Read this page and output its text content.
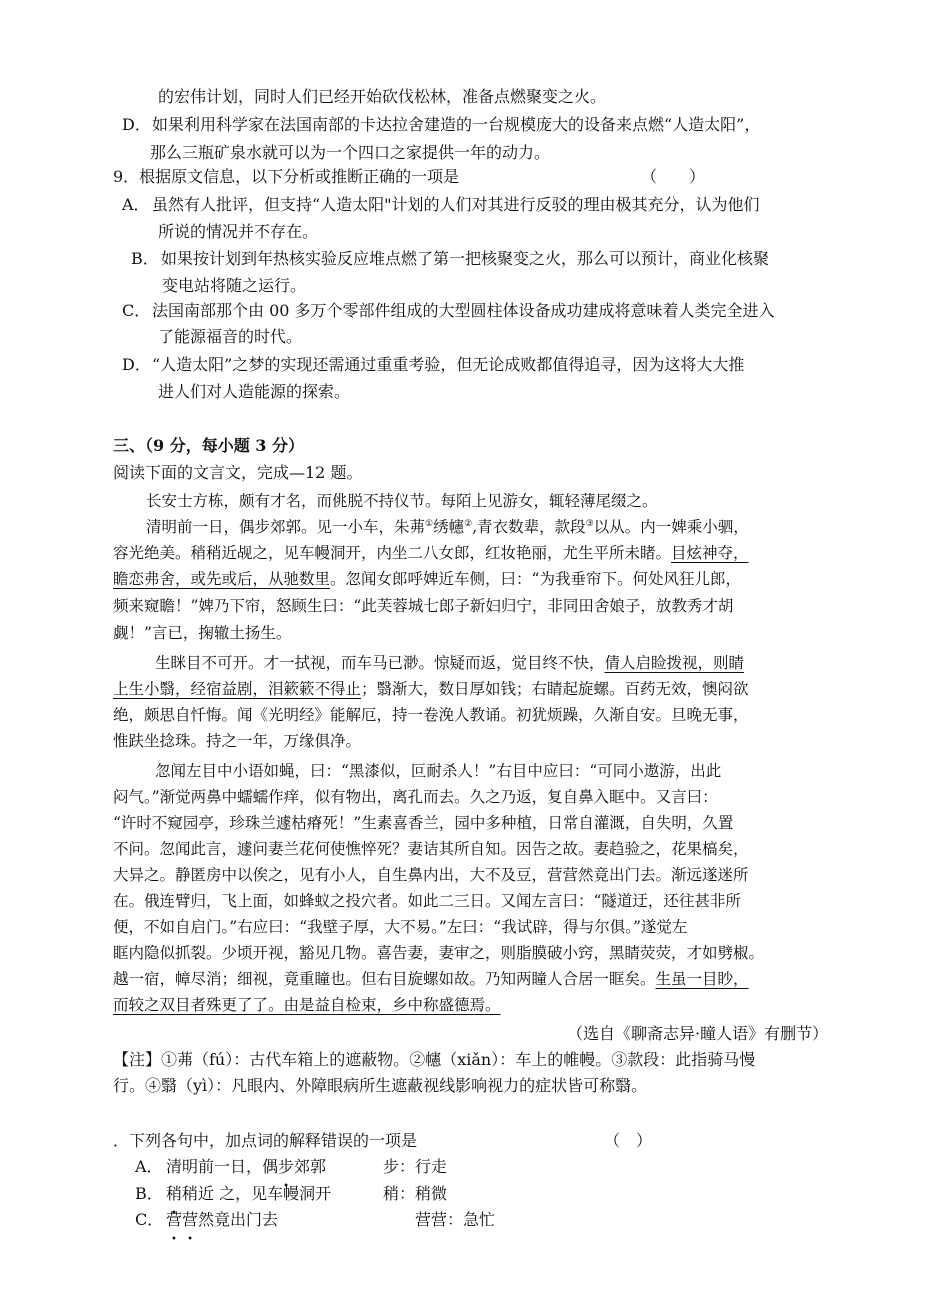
的宏伟计划，同时人们已经开始砍伐松林，准备点燃聚变之火。
D． 如果利用科学家在法国南部的卡达拉舍建造的一台规模庞大的设备来点燃“人造太阳”，
那么三瓶矿泉水就可以为一个四口之家提供一年的动力。
9．根据原文信息，以下分析或推断正确的一项是	（　　）
A． 虽然有人批评，但支持“人造太阳"计划的人们对其进行反驳的理由极其充分，认为他们
所说的情况并不存在。
B． 如果按计划到年热核实验反应堆点燃了第一把核聚变之火，那么可以预计，商业化核聚
变电站将随之运行。
C． 法国南部那个由 00 多万个零部件组成的大型圆柱体设备成功建成将意味着人类完全进入
了能源福音的时代。
D． “人造太阳”之梦的实现还需通过重重考验，但无论成败都值得追寻，因为这将大大推
进人们对人造能源的探索。
三、（9 分，每小题 3 分）
阅读下面的文言文，完成—12 题。
长安士方栋，颇有才名，而佻脱不持仪节。每陌上见游女，辄轻薄尾缀之。
清明前一日，偶步郊郭。见一小车，朱茀①绣幰②,青衣数辈，款段③以从。内一婢乘小驷，
容光绝美。稍稍近觇之，见车幔洞开，内坐二八女郎，红妆艳丽，尤生平所未睹。目炫神夺，
瞻恋弗舍，或先或后，从驰数里。忽闻女郎呼婢近车侧，曰：“为我垂帘下。何处风狂儿郎，
频来窥瞻！”婢乃下帘，怒顾生曰：“此芙蓉城七郎子新妇归宁，非同田舍娘子，放教秀才胡
觑！”言已，掬辙土扬生。
生眯目不可开。才一拭视，而车马已渺。惊疑而返，觉目终不快，倩人启睑拨视，则睛
上生小翳，经宿益剧，泪簌簌不得止；翳渐大，数日厚如钱；右睛起旋螺。百药无效，懊闷欲
绝，颇思自忏悔。闻《光明经》能解厄，持一卷浼人教诵。初犹烦躁，久渐自安。旦晚无事，
惟趺坐捻珠。持之一年，万缘俱净。
忽闻左目中小语如蝇，曰：“黑漆似，叵耐杀人！”右目中应曰：“可同小遨游，出此
闷气。”渐觉两鼻中蠕蠕作痒，似有物出，离孔而去。久之乃返，复自鼻入眶中。又言曰：
“许时不窥园亭，珍珠兰遽枯瘠死！”生素喜香兰，园中多种植，日常自灌溉，自失明，久置
不问。忽闻此言，遽问妻兰花何使憔悴死？妻诘其所自知。因告之故。妻趋验之，花果槁矣，
大异之。静匿房中以俟之，见有小人，自生鼻内出，大不及豆，营营然竟出门去。渐远遂迷所
在。俄连臂归，飞上面，如蜂蚁之投穴者。如此二三日。又闻左言曰：“隧道迂，还往甚非所
便，不如自启门。”右应曰：“我壁子厚，大不易。”左曰：“我试辟，得与尔俱。”遂觉左
眶内隐似抓裂。少顷开视，豁见几物。喜告妻，妻审之，则脂膜破小窍，黑睛荧荧，才如劈椒。
越一宿，幛尽消；细视，竟重瞳也。但右目旋螺如故。乃知两瞳人合居一眶矣。生虽一目眇，
而较之双目者殊更了了。由是益自检束，乡中称盛德焉。
（选自《聊斋志异·瞳人语》有删节）
【注】①茀（fú）：古代车箱上的遮蔽物。②幰（xiǎn）：车上的帷幔。③款段：此指骑马慢
行。④翳（yì）：凡眼内、外障眼病所生遮蔽视线影响视力的症状皆可称翳。
．下列各句中，加点词的解释错误的一项是	（　）
A． 清明前一日，偶步郊郭	步：行走
B． 稍稍近 之，见车幔洞开	稍：稍微
C． 营营然竟出门去	营营：急忙
